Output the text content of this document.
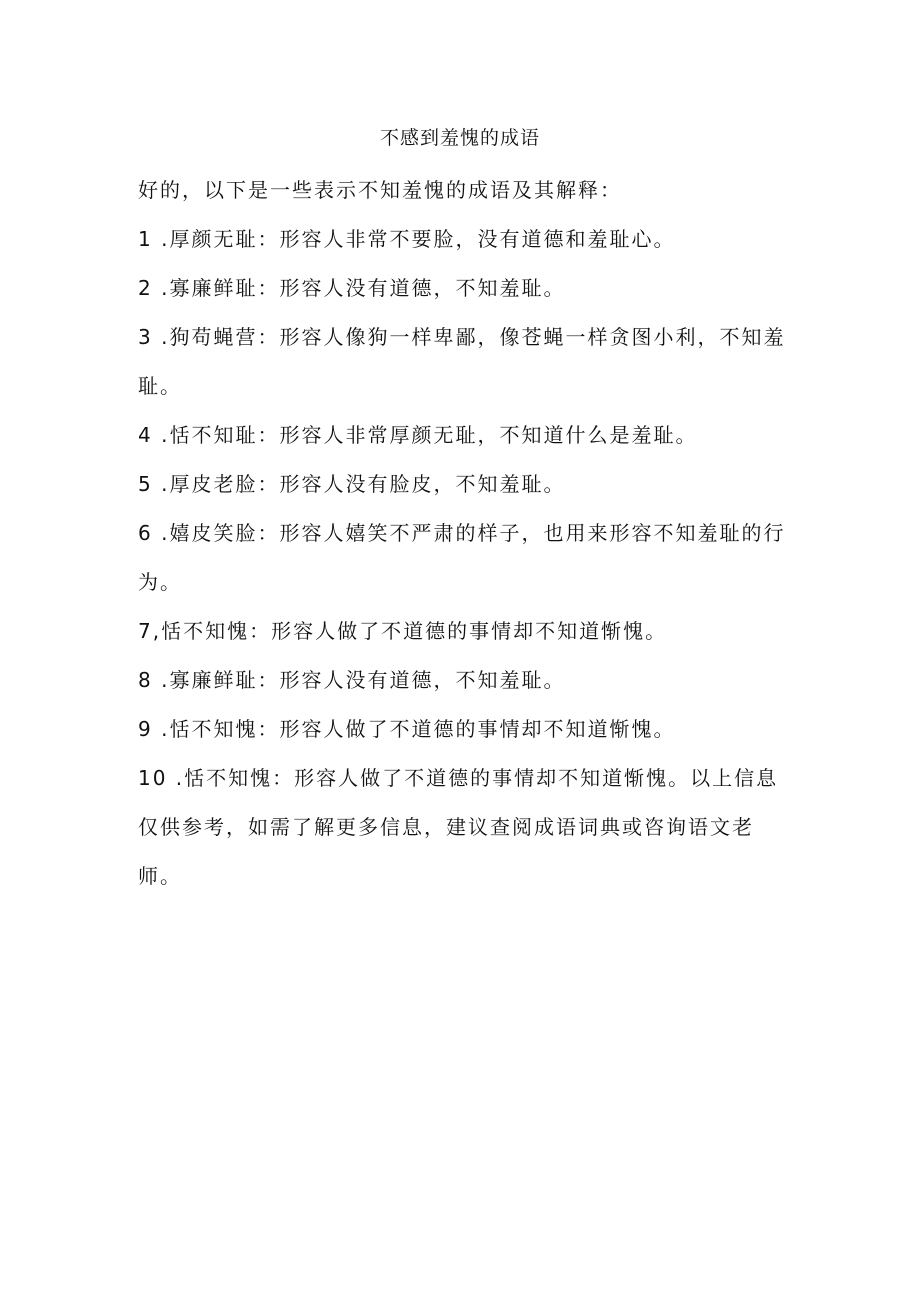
不感到羞愧的成语

好的，以下是一些表示不知羞愧的成语及其解释：

1 .厚颜无耻：形容人非常不要脸，没有道德和羞耻心。

2 .寡廉鲜耻：形容人没有道德，不知羞耻。

3 .狗苟蝇营：形容人像狗一样卑鄙，像苍蝇一样贪图小利，不知羞耻。

4 .恬不知耻：形容人非常厚颜无耻，不知道什么是羞耻。

5 .厚皮老脸：形容人没有脸皮，不知羞耻。

6 .嬉皮笑脸：形容人嬉笑不严肃的样子，也用来形容不知羞耻的行为。

7,恬不知愧：形容人做了不道德的事情却不知道惭愧。

8 .寡廉鲜耻：形容人没有道德，不知羞耻。

9 .恬不知愧：形容人做了不道德的事情却不知道惭愧。

10 .恬不知愧：形容人做了不道德的事情却不知道惭愧。以上信息仅供参考，如需了解更多信息，建议查阅成语词典或咨询语文老师。
